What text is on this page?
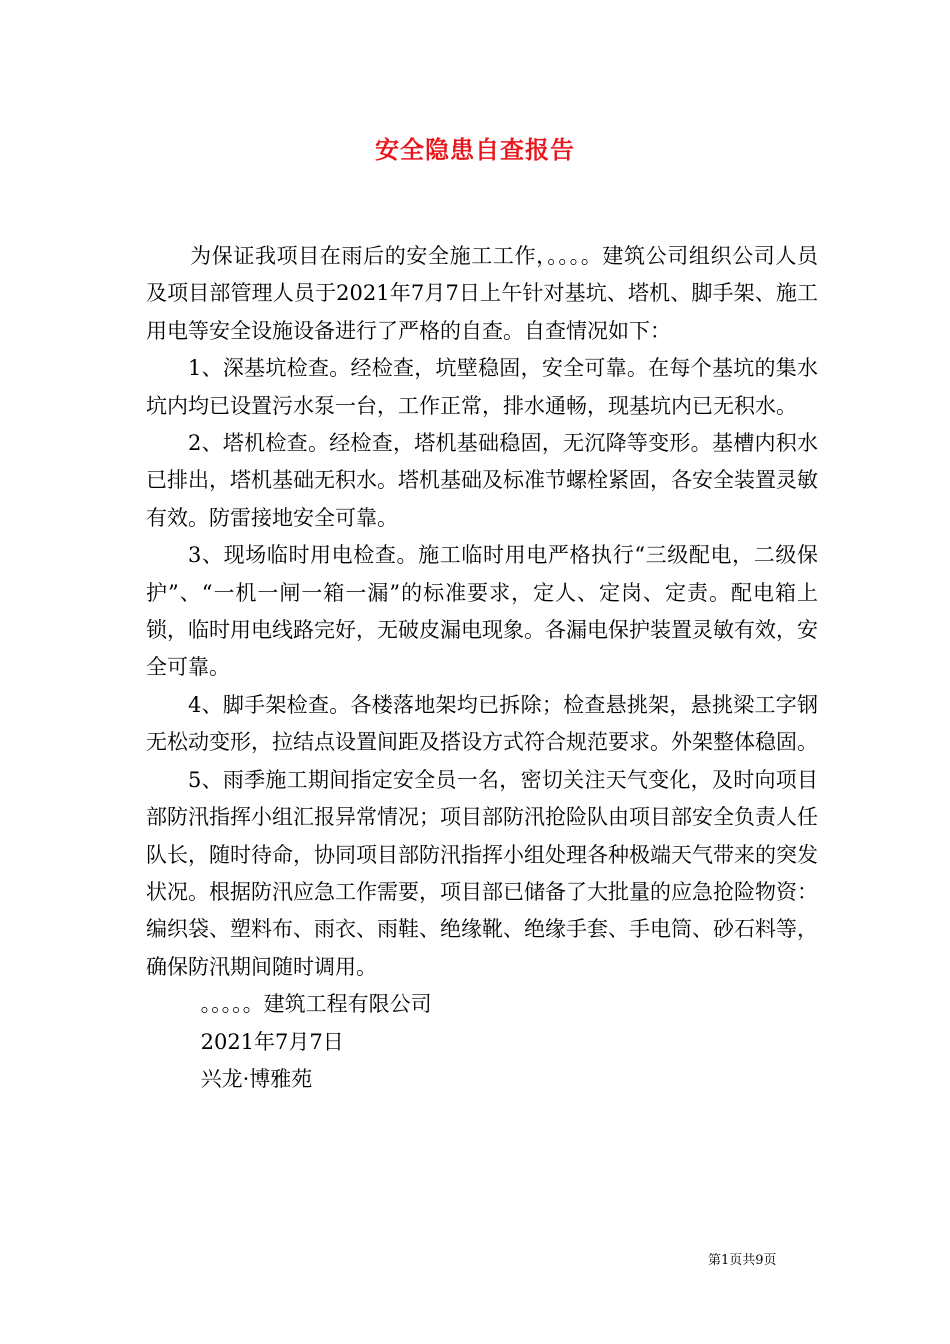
安全隐患自查报告

为保证我项目在雨后的安全施工工作，。。。。建筑公司组织公司人员及项目部管理人员于2021年7月7日上午针对基坑、塔机、脚手架、施工用电等安全设施设备进行了严格的自查。自查情况如下：

1、深基坑检查。经检查，坑壁稳固，安全可靠。在每个基坑的集水坑内均已设置污水泵一台，工作正常，排水通畅，现基坑内已无积水。

2、塔机检查。经检查，塔机基础稳固，无沉降等变形。基槽内积水已排出，塔机基础无积水。塔机基础及标准节螺栓紧固，各安全装置灵敏有效。防雷接地安全可靠。

3、现场临时用电检查。施工临时用电严格执行“三级配电，二级保护”、“一机一闸一箱一漏”的标准要求，定人、定岗、定责。配电箱上锁，临时用电线路完好，无破皮漏电现象。各漏电保护装置灵敏有效，安全可靠。

4、脚手架检查。各楼落地架均已拆除；检查悬挑架，悬挑梁工字钢无松动变形，拉结点设置间距及搭设方式符合规范要求。外架整体稳固。

5、雨季施工期间指定安全员一名，密切关注天气变化，及时向项目部防汛指挥小组汇报异常情况；项目部防汛抢险队由项目部安全负责人任队长，随时待命，协同项目部防汛指挥小组处理各种极端天气带来的突发状况。根据防汛应急工作需要，项目部已储备了大批量的应急抢险物资：编织袋、塑料布、雨衣、雨鞋、绝缘靴、绝缘手套、手电筒、砂石料等，确保防汛期间随时调用。

。。。。。建筑工程有限公司

2021年7月7日

兴龙·博雅苑

第1页共9页
